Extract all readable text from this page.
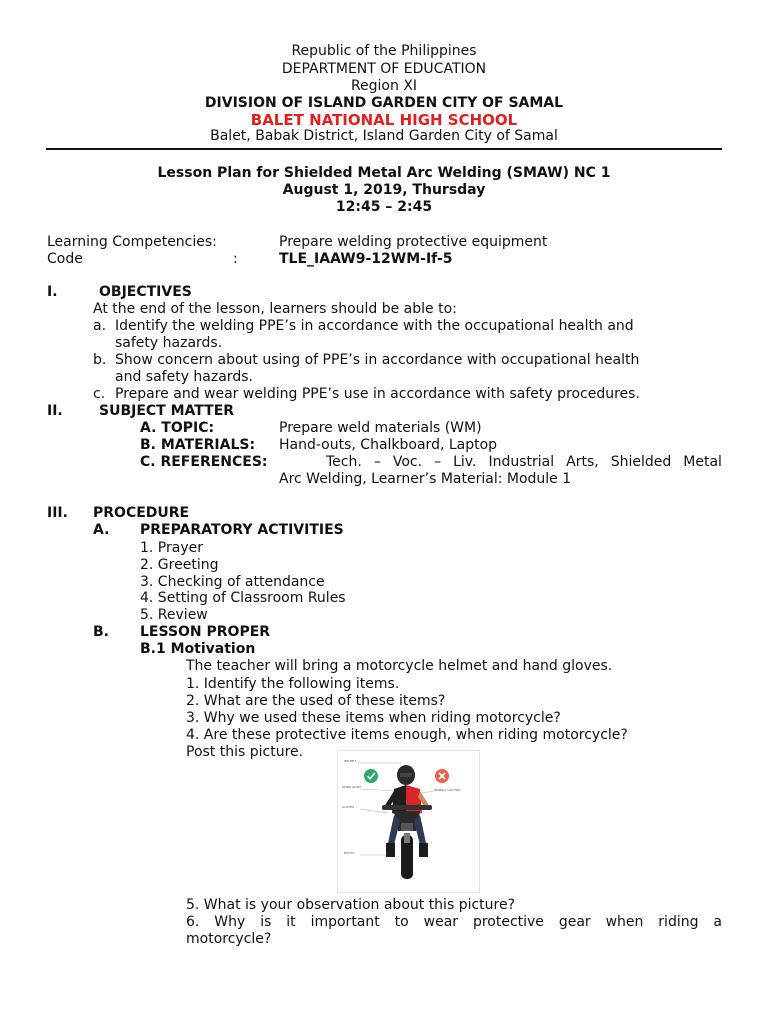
Republic of the Philippines
DEPARTMENT OF EDUCATION
Region XI
DIVISION OF ISLAND GARDEN CITY OF SAMAL
BALET NATIONAL HIGH SCHOOL
Balet, Babak District, Island Garden City of Samal
Lesson Plan for Shielded Metal Arc Welding (SMAW) NC 1
August 1, 2019, Thursday
12:45 – 2:45
Learning Competencies:	Prepare welding protective equipment
Code	:	TLE_IAAW9-12WM-If-5
I.	OBJECTIVES
At the end of the lesson, learners should be able to:
a. Identify the welding PPE’s in accordance with the occupational health and
safety hazards.
b. Show concern about using of PPE’s in accordance with occupational health
and safety hazards.
c. Prepare and wear welding PPE’s use in accordance with safety procedures.
II.	SUBJECT MATTER
A. TOPIC:	Prepare weld materials (WM)
B. MATERIALS: Hand-outs, Chalkboard, Laptop
C. REFERENCES:	Tech. – Voc. – Liv. Industrial Arts, Shielded Metal
Arc Welding, Learner’s Material: Module 1
III. PROCEDURE
A. PREPARATORY ACTIVITIES
1. Prayer
2. Greeting
3. Checking of attendance
4. Setting of Classroom Rules
5. Review
B. LESSON PROPER
B.1 Motivation
The teacher will bring a motorcycle helmet and hand gloves.
1. Identify the following items.
2. What are the used of these items?
3. Why we used these items when riding motorcycle?
4. Are these protective items enough, when riding motorcycle?
Post this picture.
HELMET
RIDING JACKET
GLOVES
BOOTS
GENERAL CLOTHING
5. What is your observation about this picture?
6. Why is it important to wear protective gear when riding a
motorcycle?
